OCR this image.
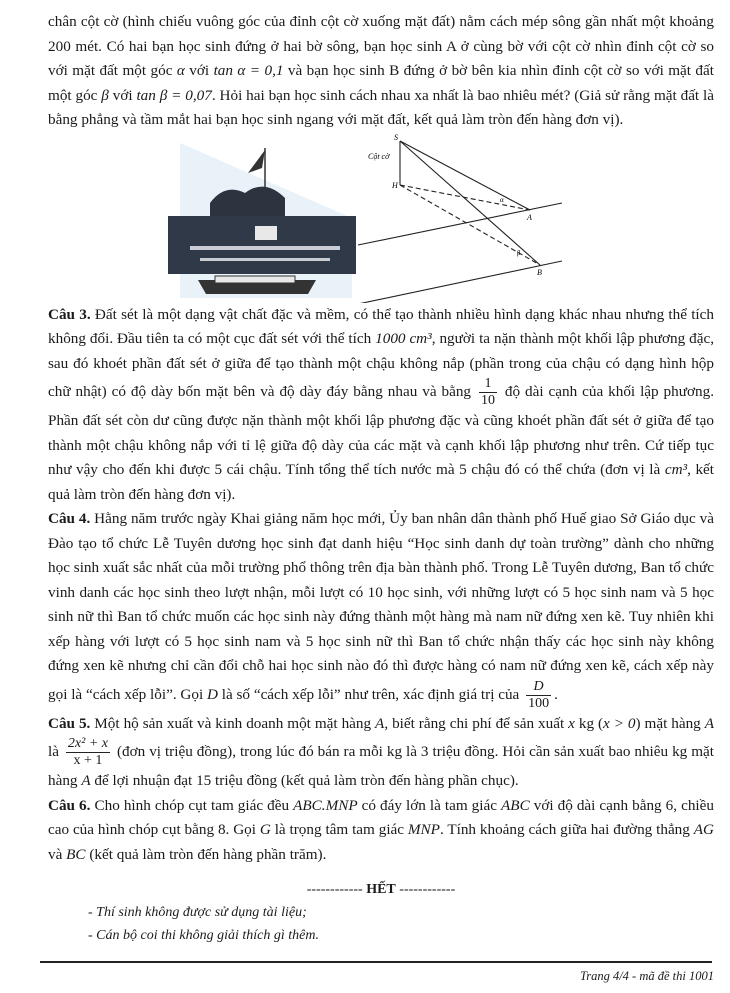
chân cột cờ (hình chiếu vuông góc của đỉnh cột cờ xuống mặt đất) nằm cách mép sông gần nhất một khoảng 200 mét. Có hai bạn học sinh đứng ở hai bờ sông, bạn học sinh A ở cùng bờ với cột cờ nhìn đỉnh cột cờ so với mặt đất một góc α với tan α = 0,1 và bạn học sinh B đứng ở bờ bên kia nhìn đỉnh cột cờ so với mặt đất một góc β với tan β = 0,07. Hỏi hai bạn học sinh cách nhau xa nhất là bao nhiêu mét? (Giả sử rằng mặt đất là bằng phẳng và tầm mắt hai bạn học sinh ngang với mặt đất, kết quả làm tròn đến hàng đơn vị).
S
Cột cờ
H
α
A
β
B
Câu 3. Đất sét là một dạng vật chất đặc và mềm, có thể tạo thành nhiều hình dạng khác nhau nhưng thể tích không đổi. Đầu tiên ta có một cục đất sét với thể tích 1000 cm³, người ta nặn thành một khối lập phương đặc, sau đó khoét phần đất sét ở giữa để tạo thành một chậu không nắp (phần trong của chậu có dạng hình hộp chữ nhật) có độ dày bốn mặt bên và độ dày đáy bằng nhau và bằng $\frac{1}{10}$ độ dài cạnh của khối lập phương. Phần đất sét còn dư cũng được nặn thành một khối lập phương đặc và cũng khoét phần đất sét ở giữa để tạo thành một chậu không nắp với tỉ lệ giữa độ dày của các mặt và cạnh khối lập phương như trên. Cứ tiếp tục như vậy cho đến khi được 5 cái chậu. Tính tổng thể tích nước mà 5 chậu đó có thể chứa (đơn vị là cm³, kết quả làm tròn đến hàng đơn vị).
Câu 4. Hằng năm trước ngày Khai giảng năm học mới, Ủy ban nhân dân thành phố Huế giao Sở Giáo dục và Đào tạo tổ chức Lễ Tuyên dương học sinh đạt danh hiệu “Học sinh danh dự toàn trường” dành cho những học sinh xuất sắc nhất của mỗi trường phổ thông trên địa bàn thành phố. Trong Lễ Tuyên dương, Ban tổ chức vinh danh các học sinh theo lượt nhận, mỗi lượt có 10 học sinh, với những lượt có 5 học sinh nam và 5 học sinh nữ thì Ban tổ chức muốn các học sinh này đứng thành một hàng mà nam nữ đứng xen kẽ. Tuy nhiên khi xếp hàng với lượt có 5 học sinh nam và 5 học sinh nữ thì Ban tổ chức nhận thấy các học sinh này không đứng xen kẽ nhưng chỉ cần đổi chỗ hai học sinh nào đó thì được hàng có nam nữ đứng xen kẽ, cách xếp này gọi là “cách xếp lỗi”. Gọi D là số “cách xếp lỗi” như trên, xác định giá trị của $\frac{D}{100}$ .
Câu 5. Một hộ sản xuất và kinh doanh một mặt hàng A, biết rằng chi phí để sản xuất x kg (x > 0) mặt hàng A là $\frac{\text{2x² + x}}{x + 1}$ (đơn vị triệu đồng), trong lúc đó bán ra mỗi kg là 3 triệu đồng. Hỏi cần sản xuất bao nhiêu kg mặt hàng A để lợi nhuận đạt 15 triệu đồng (kết quả làm tròn đến hàng phần chục).
Câu 6. Cho hình chóp cụt tam giác đều ABC.MNP có đáy lớn là tam giác ABC với độ dài cạnh bằng 6, chiều cao của hình chóp cụt bằng 8. Gọi G là trọng tâm tam giác MNP. Tính khoảng cách giữa hai đường thẳng AG và BC (kết quả làm tròn đến hàng phần trăm).
------------ HẾT ------------
- Thí sinh không được sử dụng tài liệu;
- Cán bộ coi thi không giải thích gì thêm.
Trang 4/4 - mã đề thi 1001
